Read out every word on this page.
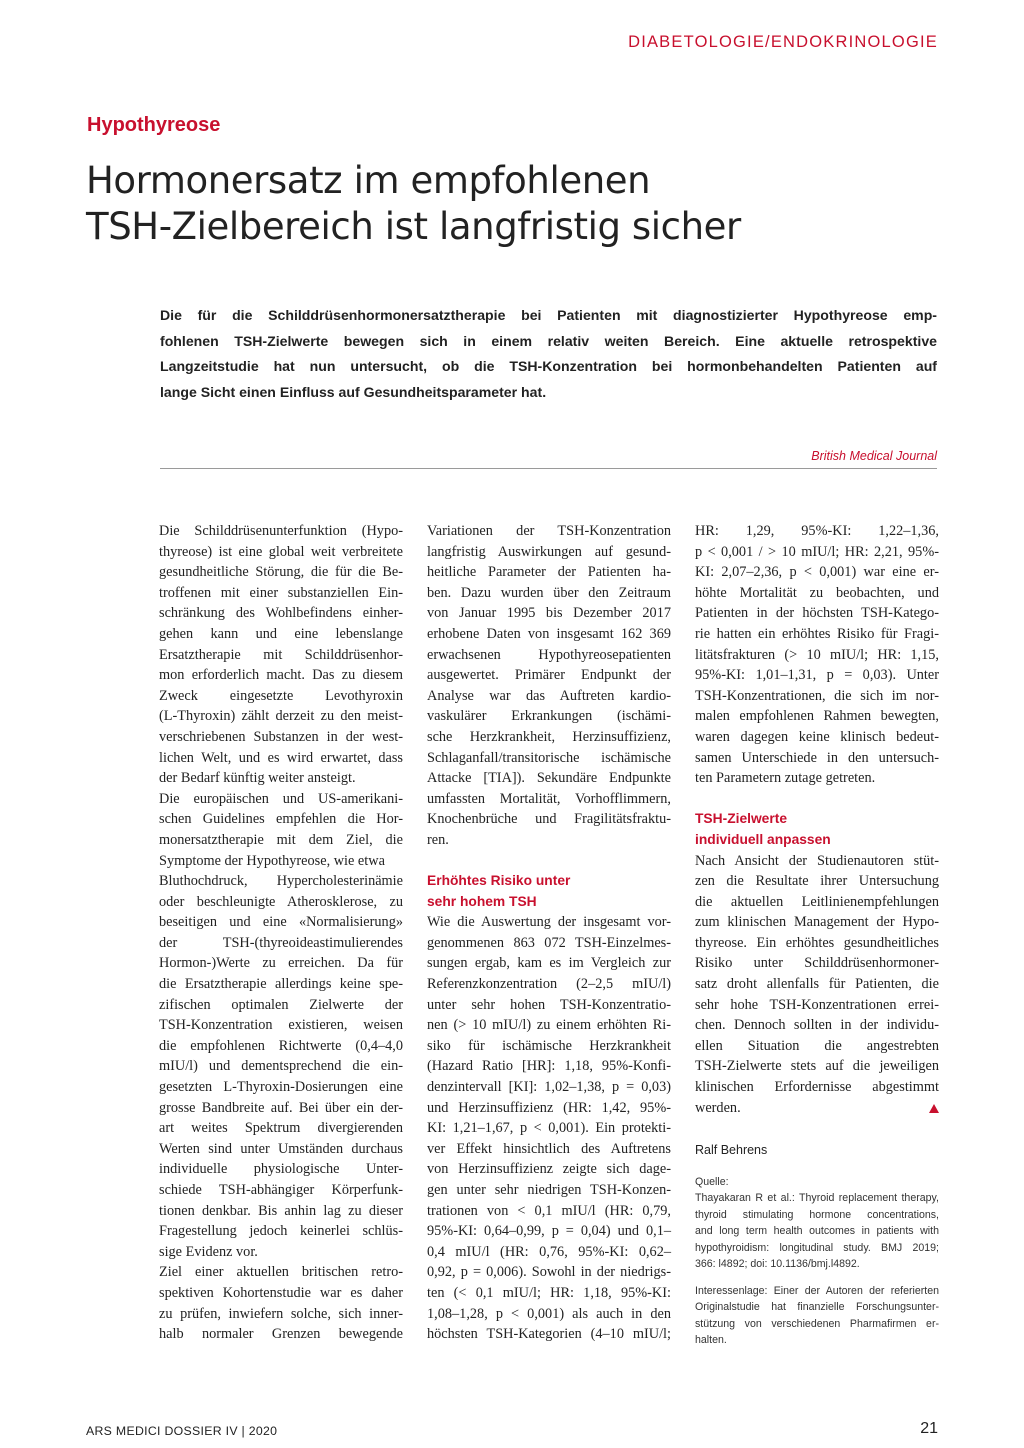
DIABETOLOGIE/ENDOKRINOLOGIE
Hypothyreose
Hormonersatz im empfohlenen
TSH-Zielbereich ist langfristig sicher
Die für die Schilddrüsenhormonersatztherapie bei Patienten mit diagnostizierter Hypothyreose emp-
fohlenen TSH-Zielwerte bewegen sich in einem relativ weiten Bereich. Eine aktuelle retrospektive
Langzeitstudie hat nun untersucht, ob die TSH-Konzentration bei hormonbehandelten Patienten auf
lange Sicht einen Einfluss auf Gesundheitsparameter hat.
British Medical Journal
Die Schilddrüsenunterfunktion (Hypo-
thyreose) ist eine global weit verbreitete
gesundheitliche Störung, die für die Be-
troffenen mit einer substanziellen Ein-
schränkung des Wohlbefindens einher-
gehen kann und eine lebenslange
Ersatztherapie mit Schilddrüsenhor-
mon erforderlich macht. Das zu diesem
Zweck eingesetzte Levothyroxin
(L-Thyroxin) zählt derzeit zu den meist-
verschriebenen Substanzen in der west-
lichen Welt, und es wird erwartet, dass
der Bedarf künftig weiter ansteigt.
Die europäischen und US-amerikani-
schen Guidelines empfehlen die Hor-
monersatztherapie mit dem Ziel, die
Symptome der Hypothyreose, wie etwa
Bluthochdruck, Hypercholesterinämie
oder beschleunigte Atherosklerose, zu
beseitigen und eine «Normalisierung»
der TSH-(thyreoideastimulierendes
Hormon-)Werte zu erreichen. Da für
die Ersatztherapie allerdings keine spe-
zifischen optimalen Zielwerte der
TSH-Konzentration existieren, weisen
die empfohlenen Richtwerte (0,4–4,0
mIU/l) und dementsprechend die ein-
gesetzten L-Thyroxin-Dosierungen eine
grosse Bandbreite auf. Bei über ein der-
art weites Spektrum divergierenden
Werten sind unter Umständen durchaus
individuelle physiologische Unter-
schiede TSH-abhängiger Körperfunk-
tionen denkbar. Bis anhin lag zu dieser
Fragestellung jedoch keinerlei schlüs-
sige Evidenz vor.
Ziel einer aktuellen britischen retro-
spektiven Kohortenstudie war es daher
zu prüfen, inwiefern solche, sich inner-
halb normaler Grenzen bewegende
Variationen der TSH-Konzentration
langfristig Auswirkungen auf gesund-
heitliche Parameter der Patienten ha-
ben. Dazu wurden über den Zeitraum
von Januar 1995 bis Dezember 2017
erhobene Daten von insgesamt 162 369
erwachsenen Hypothyreosepatienten
ausgewertet. Primärer Endpunkt der
Analyse war das Auftreten kardio-
vaskulärer Erkrankungen (ischämi-
sche Herzkrankheit, Herzinsuffizienz,
Schlaganfall/transitorische ischämische
Attacke [TIA]). Sekundäre Endpunkte
umfassten Mortalität, Vorhofflimmern,
Knochenbrüche und Fragilitätsfraktu-
ren.
Erhöhtes Risiko unter
sehr hohem TSH
Wie die Auswertung der insgesamt vor-
genommenen 863 072 TSH-Einzelmes-
sungen ergab, kam es im Vergleich zur
Referenzkonzentration (2–2,5 mIU/l)
unter sehr hohen TSH-Konzentratio-
nen (> 10 mIU/l) zu einem erhöhten Ri-
siko für ischämische Herzkrankheit
(Hazard Ratio [HR]: 1,18, 95%-Konfi-
denzintervall [KI]: 1,02–1,38, p = 0,03)
und Herzinsuffizienz (HR: 1,42, 95%-
KI: 1,21–1,67, p < 0,001). Ein protekti-
ver Effekt hinsichtlich des Auftretens
von Herzinsuffizienz zeigte sich dage-
gen unter sehr niedrigen TSH-Konzen-
trationen von < 0,1 mIU/l (HR: 0,79,
95%-KI: 0,64–0,99, p = 0,04) und 0,1–
0,4 mIU/l (HR: 0,76, 95%-KI: 0,62–
0,92, p = 0,006). Sowohl in der niedrigs-
ten (< 0,1 mIU/l; HR: 1,18, 95%-KI:
1,08–1,28, p < 0,001) als auch in den
höchsten TSH-Kategorien (4–10 mIU/l;
HR: 1,29, 95%-KI: 1,22–1,36,
p < 0,001 / > 10 mIU/l; HR: 2,21, 95%-
KI: 2,07–2,36, p < 0,001) war eine er-
höhte Mortalität zu beobachten, und
Patienten in der höchsten TSH-Katego-
rie hatten ein erhöhtes Risiko für Fragi-
litätsfrakturen (> 10 mIU/l; HR: 1,15,
95%-KI: 1,01–1,31, p = 0,03). Unter
TSH-Konzentrationen, die sich im nor-
malen empfohlenen Rahmen bewegten,
waren dagegen keine klinisch bedeut-
samen Unterschiede in den untersuch-
ten Parametern zutage getreten.
TSH-Zielwerte
individuell anpassen
Nach Ansicht der Studienautoren stüt-
zen die Resultate ihrer Untersuchung
die aktuellen Leitlinienempfehlungen
zum klinischen Management der Hypo-
thyreose. Ein erhöhtes gesundheitliches
Risiko unter Schilddrüsenhormoner-
satz droht allenfalls für Patienten, die
sehr hohe TSH-Konzentrationen errei-
chen. Dennoch sollten in der individu-
ellen Situation die angestrebten
TSH-Zielwerte stets auf die jeweiligen
klinischen Erfordernisse abgestimmt
werden.
Ralf Behrens
Quelle:
Thayakaran R et al.: Thyroid replacement therapy,
thyroid stimulating hormone concentrations,
and long term health outcomes in patients with
hypothyroidism: longitudinal study. BMJ 2019;
366: l4892; doi: 10.1136/bmj.l4892.
Interessenlage: Einer der Autoren der referierten
Originalstudie hat finanzielle Forschungsunter-
stützung von verschiedenen Pharmafirmen er-
halten.
ARS MEDICI DOSSIER IV | 2020	21
